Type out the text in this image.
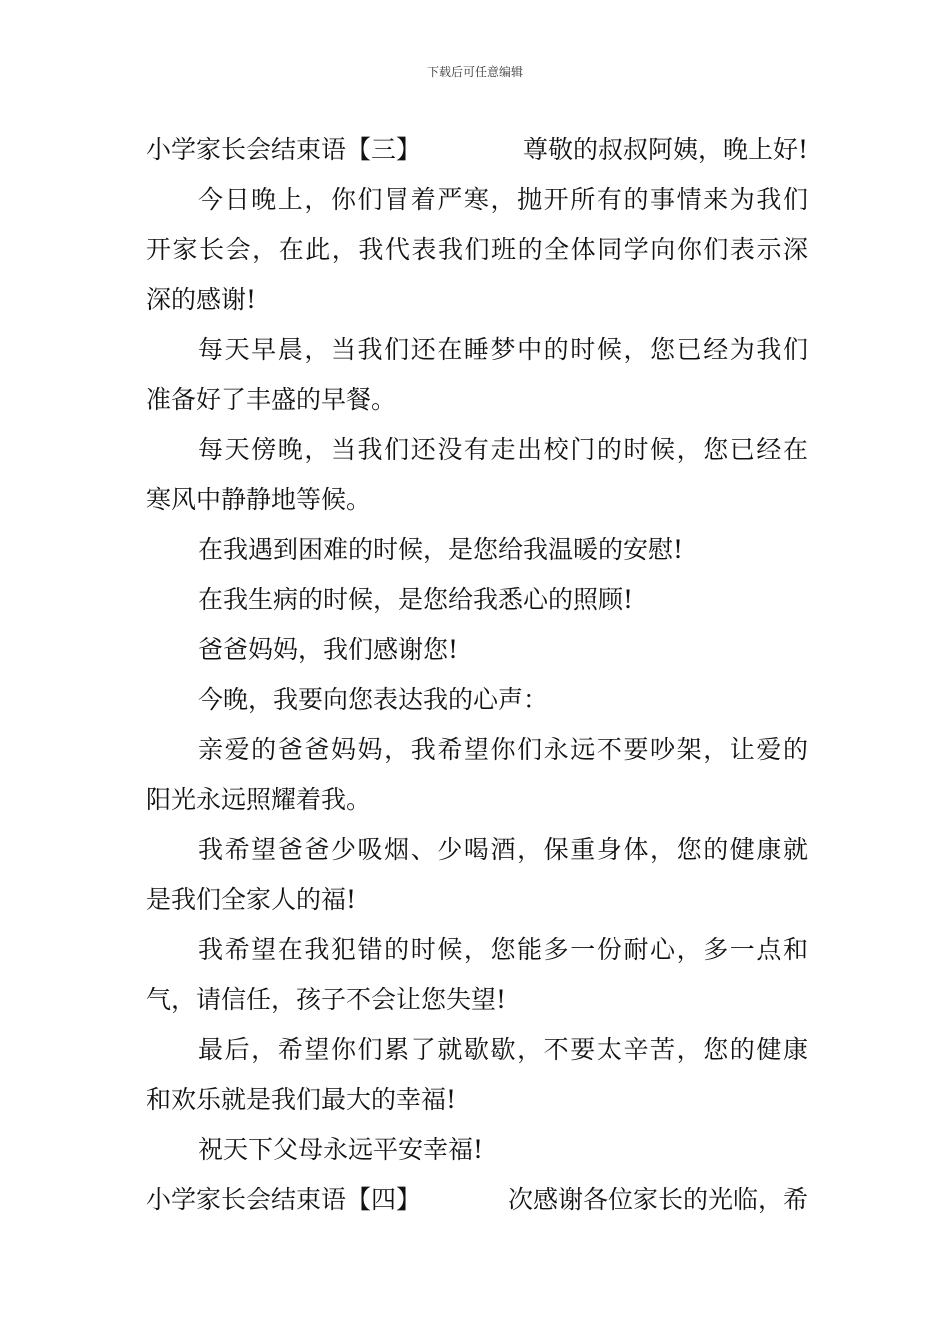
下载后可任意编辑
小学家长会结束语【三】	尊敬的叔叔阿姨，晚上好!
今日晚上，你们冒着严寒，抛开所有的事情来为我们
开家长会，在此，我代表我们班的全体同学向你们表示深
深的感谢!
每天早晨，当我们还在睡梦中的时候，您已经为我们
准备好了丰盛的早餐。
每天傍晚，当我们还没有走出校门的时候，您已经在
寒风中静静地等候。
在我遇到困难的时候，是您给我温暖的安慰!
在我生病的时候，是您给我悉心的照顾!
爸爸妈妈，我们感谢您!
今晚，我要向您表达我的心声：
亲爱的爸爸妈妈，我希望你们永远不要吵架，让爱的
阳光永远照耀着我。
我希望爸爸少吸烟、少喝酒，保重身体，您的健康就
是我们全家人的福!
我希望在我犯错的时候，您能多一份耐心，多一点和
气，请信任，孩子不会让您失望!
最后，希望你们累了就歇歇，不要太辛苦，您的健康
和欢乐就是我们最大的幸福!
祝天下父母永远平安幸福!
小学家长会结束语【四】	次感谢各位家长的光临，希
